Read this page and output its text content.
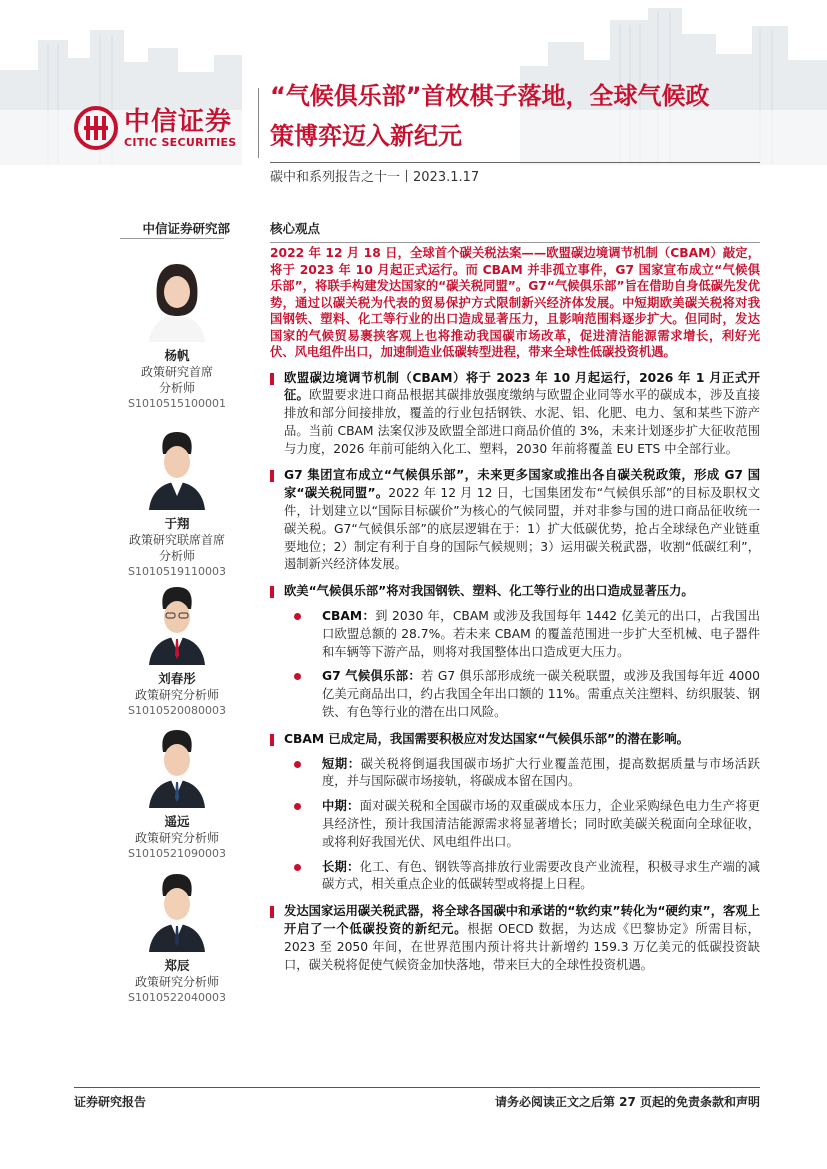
中信证券
CITIC SECURITIES
“气候俱乐部”首枚棋子落地，全球气候政
策博弈迈入新纪元
碳中和系列报告之十一丨2023.1.17
中信证券研究部
杨帆
政策研究首席
分析师
S1010515100001
于翔
政策研究联席首席
分析师
S1010519110003
刘春彤
政策研究分析师
S1010520080003
遥远
政策研究分析师
S1010521090003
郑辰
政策研究分析师
S1010522040003
核心观点

2022 年 12 月 18 日，全球首个碳关税法案——欧盟碳边境调节机制（CBAM）敲定，将于 2023 年 10 月起正式运行。而 CBAM 并非孤立事件，G7 国家宣布成立“气候俱乐部”，将联手构建发达国家的“碳关税同盟”。G7“气候俱乐部”旨在借助自身低碳先发优势，通过以碳关税为代表的贸易保护方式限制新兴经济体发展。中短期欧美碳关税将对我国钢铁、塑料、化工等行业的出口造成显著压力，且影响范围料逐步扩大。但同时，发达国家的气候贸易裹挟客观上也将推动我国碳市场改革，促进清洁能源需求增长，利好光伏、风电组件出口，加速制造业低碳转型进程，带来全球性低碳投资机遇。

欧盟碳边境调节机制（CBAM）将于 2023 年 10 月起运行，2026 年 1 月正式开征。欧盟要求进口商品根据其碳排放强度缴纳与欧盟企业同等水平的碳成本，涉及直接排放和部分间接排放，覆盖的行业包括钢铁、水泥、铝、化肥、电力、氢和某些下游产品。当前 CBAM 法案仅涉及欧盟全部进口商品价值的 3%，未来计划逐步扩大征收范围与力度，2026 年前可能纳入化工、塑料，2030 年前将覆盖 EU ETS 中全部行业。
G7 集团宣布成立“气候俱乐部”，未来更多国家或推出各自碳关税政策，形成 G7 国家“碳关税同盟”。2022 年 12 月 12 日，七国集团发布“气候俱乐部”的目标及职权文件，计划建立以“国际目标碳价”为核心的气候同盟，并对非参与国的进口商品征收统一碳关税。G7“气候俱乐部”的底层逻辑在于：1）扩大低碳优势，抢占全球绿色产业链重要地位；2）制定有利于自身的国际气候规则；3）运用碳关税武器，收割“低碳红利”，遏制新兴经济体发展。
欧美“气候俱乐部”将对我国钢铁、塑料、化工等行业的出口造成显著压力。
CBAM：到 2030 年，CBAM 或涉及我国每年 1442 亿美元的出口，占我国出口欧盟总额的 28.7%。若未来 CBAM 的覆盖范围进一步扩大至机械、电子器件和车辆等下游产品，则将对我国整体出口造成更大压力。
G7 气候俱乐部：若 G7 俱乐部形成统一碳关税联盟，或涉及我国每年近 4000 亿美元商品出口，约占我国全年出口额的 11%。需重点关注塑料、纺织服装、钢铁、有色等行业的潜在出口风险。
CBAM 已成定局，我国需要积极应对发达国家“气候俱乐部”的潜在影响。
短期：碳关税将倒逼我国碳市场扩大行业覆盖范围，提高数据质量与市场活跃度，并与国际碳市场接轨，将碳成本留在国内。
中期：面对碳关税和全国碳市场的双重碳成本压力，企业采购绿色电力生产将更具经济性，预计我国清洁能源需求将显著增长；同时欧美碳关税面向全球征收，或将利好我国光伏、风电组件出口。
长期：化工、有色、钢铁等高排放行业需要改良产业流程，积极寻求生产端的减碳方式，相关重点企业的低碳转型或将提上日程。
发达国家运用碳关税武器，将全球各国碳中和承诺的“软约束”转化为“硬约束”，客观上开启了一个低碳投资的新纪元。根据 OECD 数据，为达成《巴黎协定》所需目标，2023 至 2050 年间，在世界范围内预计将共计新增约 159.3 万亿美元的低碳投资缺口，碳关税将促使气候资金加快落地，带来巨大的全球性投资机遇。
证券研究报告	请务必阅读正文之后第 27 页起的免责条款和声明
